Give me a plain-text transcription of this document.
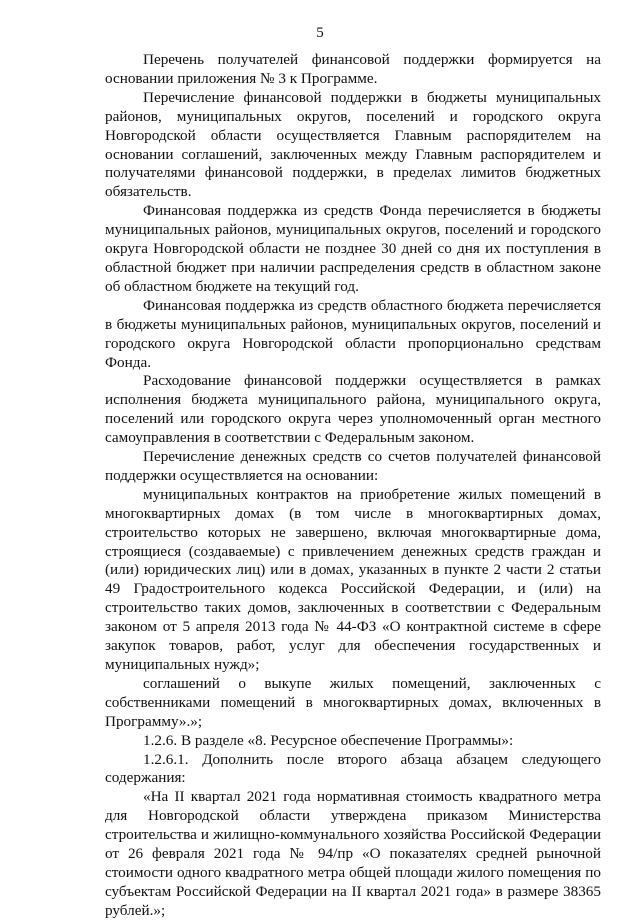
5

Перечень получателей финансовой поддержки формируется на основании приложения № 3 к Программе.

Перечисление финансовой поддержки в бюджеты муниципальных районов, муниципальных округов, поселений и городского округа Новгородской области осуществляется Главным распорядителем на основании соглашений, заключенных между Главным распорядителем и получателями финансовой поддержки, в пределах лимитов бюджетных обязательств.

Финансовая поддержка из средств Фонда перечисляется в бюджеты муниципальных районов, муниципальных округов, поселений и городского округа Новгородской области не позднее 30 дней со дня их поступления в областной бюджет при наличии распределения средств в областном законе об областном бюджете на текущий год.

Финансовая поддержка из средств областного бюджета перечисляется в бюджеты муниципальных районов, муниципальных округов, поселений и городского округа Новгородской области пропорционально средствам Фонда.

Расходование финансовой поддержки осуществляется в рамках исполнения бюджета муниципального района, муниципального округа, поселений или городского округа через уполномоченный орган местного самоуправления в соответствии с Федеральным законом.

Перечисление денежных средств со счетов получателей финансовой поддержки осуществляется на основании:

муниципальных контрактов на приобретение жилых помещений в многоквартирных домах (в том числе в многоквартирных домах, строительство которых не завершено, включая многоквартирные дома, строящиеся (создаваемые) с привлечением денежных средств граждан и (или) юридических лиц) или в домах, указанных в пункте 2 части 2 статьи 49 Градостроительного кодекса Российской Федерации, и (или) на строительство таких домов, заключенных в соответствии с Федеральным законом от 5 апреля 2013 года № 44-ФЗ «О контрактной системе в сфере закупок товаров, работ, услуг для обеспечения государственных и муниципальных нужд»;

соглашений о выкупе жилых помещений, заключенных с собственниками помещений в многоквартирных домах, включенных в Программу».»;

1.2.6. В разделе «8. Ресурсное обеспечение Программы»:

1.2.6.1. Дополнить после второго абзаца абзацем следующего содержания:

«На II квартал 2021 года нормативная стоимость квадратного метра для Новгородской области утверждена приказом Министерства строительства и жилищно-коммунального хозяйства Российской Федерации от 26 февраля 2021 года № 94/пр «О показателях средней рыночной стоимости одного квадратного метра общей площади жилого помещения по субъектам Российской Федерации на II квартал 2021 года» в размере 38365 рублей.»;
